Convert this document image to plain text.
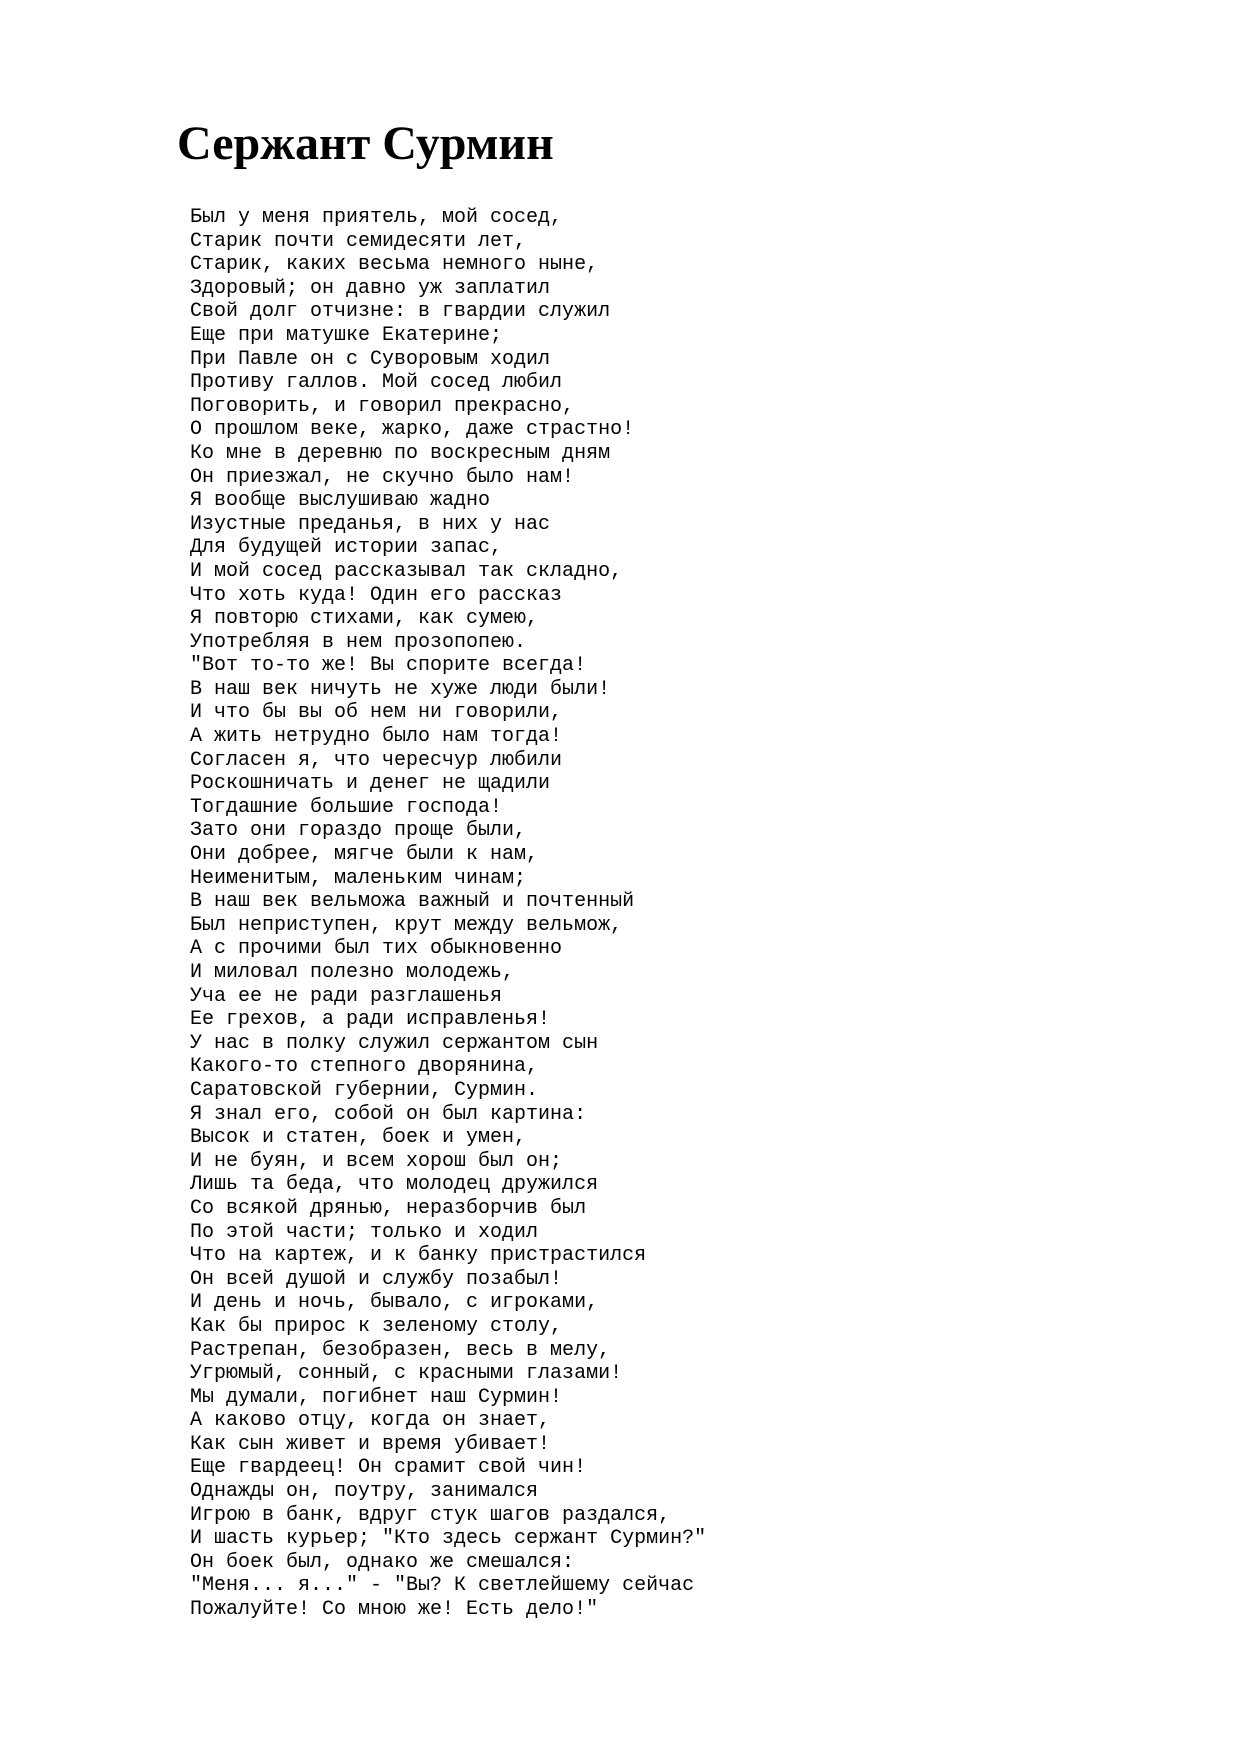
Сержант Сурмин
Был у меня приятель, мой сосед,
Старик почти семидесяти лет,
Старик, каких весьма немного ныне,
Здоровый; он давно уж заплатил
Свой долг отчизне: в гвардии служил
Еще при матушке Екатерине;
При Павле он с Суворовым ходил
Противу галлов. Мой сосед любил
Поговорить, и говорил прекрасно,
О прошлом веке, жарко, даже страстно!
Ко мне в деревню по воскресным дням
Он приезжал, не скучно было нам!
Я вообще выслушиваю жадно
Изустные преданья, в них у нас
Для будущей истории запас,
И мой сосед рассказывал так складно,
Что хоть куда! Один его рассказ
Я повторю стихами, как сумею,
Употребляя в нем прозопопею.
"Вот то-то же! Вы спорите всегда!
В наш век ничуть не хуже люди были!
И что бы вы об нем ни говорили,
А жить нетрудно было нам тогда!
Согласен я, что чересчур любили
Роскошничать и денег не щадили
Тогдашние большие господа!
Зато они гораздо проще были,
Они добрее, мягче были к нам,
Неименитым, маленьким чинам;
В наш век вельможа важный и почтенный
Был неприступен, крут между вельмож,
А с прочими был тих обыкновенно
И миловал полезно молодежь,
Уча ее не ради разглашенья
Ее грехов, а ради исправленья!
У нас в полку служил сержантом сын
Какого-то степного дворянина,
Саратовской губернии, Сурмин.
Я знал его, собой он был картина:
Высок и статен, боек и умен,
И не буян, и всем хорош был он;
Лишь та беда, что молодец дружился
Со всякой дрянью, неразборчив был
По этой части; только и ходил
Что на картеж, и к банку пристрастился
Он всей душой и службу позабыл!
И день и ночь, бывало, с игроками,
Как бы прирос к зеленому столу,
Растрепан, безобразен, весь в мелу,
Угрюмый, сонный, с красными глазами!
Мы думали, погибнет наш Сурмин!
А каково отцу, когда он знает,
Как сын живет и время убивает!
Еще гвардеец! Он срамит свой чин!
Однажды он, поутру, занимался
Игрою в банк, вдруг стук шагов раздался,
И шасть курьер; "Кто здесь сержант Сурмин?"
Он боек был, однако же смешался:
"Меня... я..." - "Вы? К светлейшему сейчас
Пожалуйте! Со мною же! Есть дело!"
